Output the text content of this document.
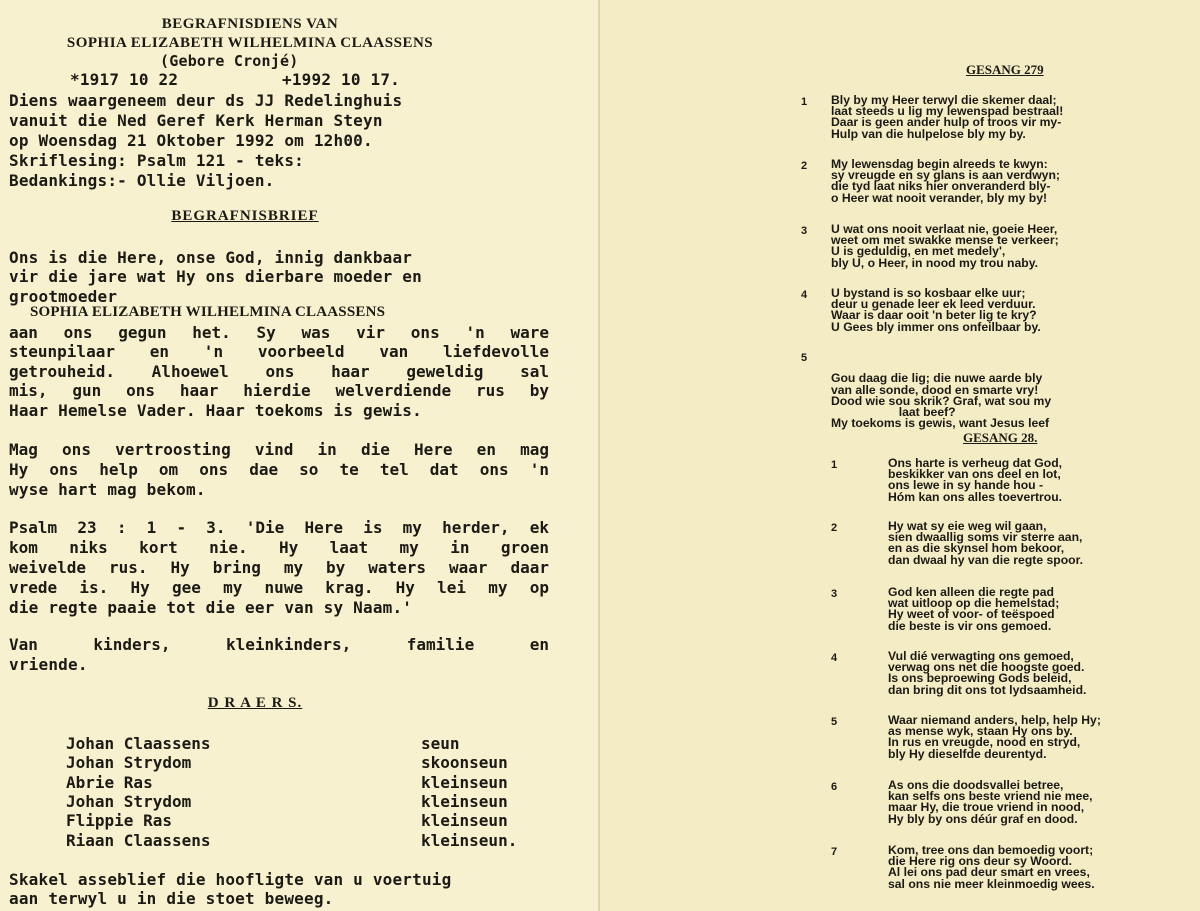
BEGRAFNISDIENS VAN
SOPHIA ELIZABETH WILHELMINA CLAASSENS
(Gebore Cronjé)
*1917 10 22	+1992 10 17.
Diens waargeneem deur ds JJ Redelinghuis
vanuit die Ned Geref Kerk Herman Steyn
op Woensdag 21 Oktober 1992 om 12h00.
Skriflesing: Psalm 121 - teks:
Bedankings:- Ollie Viljoen.
BEGRAFNISBRIEF
Ons is die Here, onse God, innig dankbaar
vir die jare wat Hy ons dierbare moeder en
grootmoeder
SOPHIA ELIZABETH WILHELMINA CLAASSENS
aan ons gegun het. Sy was vir ons 'n ware
steunpilaar en 'n voorbeeld van liefdevolle
getrouheid. Alhoewel ons haar geweldig sal
mis, gun ons haar hierdie welverdiende rus by
Haar Hemelse Vader. Haar toekoms is gewis.
Mag ons vertroosting vind in die Here en mag
Hy ons help om ons dae so te tel dat ons 'n
wyse hart mag bekom.
Psalm 23 : 1 - 3. 'Die Here is my herder, ek
kom niks kort nie. Hy laat my in groen
weivelde rus. Hy bring my by waters waar daar
vrede is. Hy gee my nuwe krag. Hy lei my op
die regte paaie tot die eer van sy Naam.'
Van kinders, kleinkinders, familie en
vriende.
D R A E R S.
Johan Claassens	seun
Johan Strydom	skoonseun
Abrie Ras	kleinseun
Johan Strydom	kleinseun
Flippie Ras	kleinseun
Riaan Claassens	kleinseun.
Skakel asseblief die hoofligte van u voertuig
aan terwyl u in die stoet beweeg.
GESANG 279
1 Bly by my Heer terwyl die skemer daal;
laat steeds u lig my lewenspad bestraal!
Daar is geen ander hulp of troos vir my-
Hulp van die hulpelose bly my by.
2 My lewensdag begin alreeds te kwyn:
sy vreugde en sy glans is aan verdwyn;
die tyd laat niks hier onveranderd bly-
o Heer wat nooit verander, bly my by!
3 U wat ons nooit verlaat nie, goeie Heer,
weet om met swakke mense te verkeer;
U is geduldig, en met medely',
bly U, o Heer, in nood my trou naby.
4 U bystand is so kosbaar elke uur;
deur u genade leer ek leed verduur.
Waar is daar ooit 'n beter lig te kry?
U Gees bly immer ons onfeilbaar by.
5

Gou daag die lig; die nuwe aarde bly
van alle sonde, dood en smarte vry!
Dood wie sou skrik? Graf, wat sou my
laat beef?
My toekoms is gewis, want Jesus leef

GESANG 28.
1	Ons harte is verheug dat God,
beskikker van ons deel en lot,
ons lewe in sy hande hou -
Hóm kan ons alles toevertrou.
2	Hy wat sy eie weg wil gaan,
sien dwaallig soms vir sterre aan,
en as die skynsel hom bekoor,
dan dwaal hy van die regte spoor.
3	God ken alleen die regte pad
wat uitloop op die hemelstad;
Hy weet of voor- of teëspoed
die beste is vir ons gemoed.
4	Vul dié verwagting ons gemoed,
verwag ons net die hoogste goed.
Is ons beproewing Gods beleid,
dan bring dit ons tot lydsaamheid.
5	Waar niemand anders, help, help Hy;
as mense wyk, staan Hy ons by.
In rus en vreugde, nood en stryd,
bly Hy dieselfde deurentyd.
6	As ons die doodsvallei betree,
kan selfs ons beste vriend nie mee,
maar Hy, die troue vriend in nood,
Hy bly by ons déúr graf en dood.
7	Kom, tree ons dan bemoedig voort;
die Here rig ons deur sy Woord.
Al lei ons pad deur smart en vrees,
sal ons nie meer kleinmoedig wees.
